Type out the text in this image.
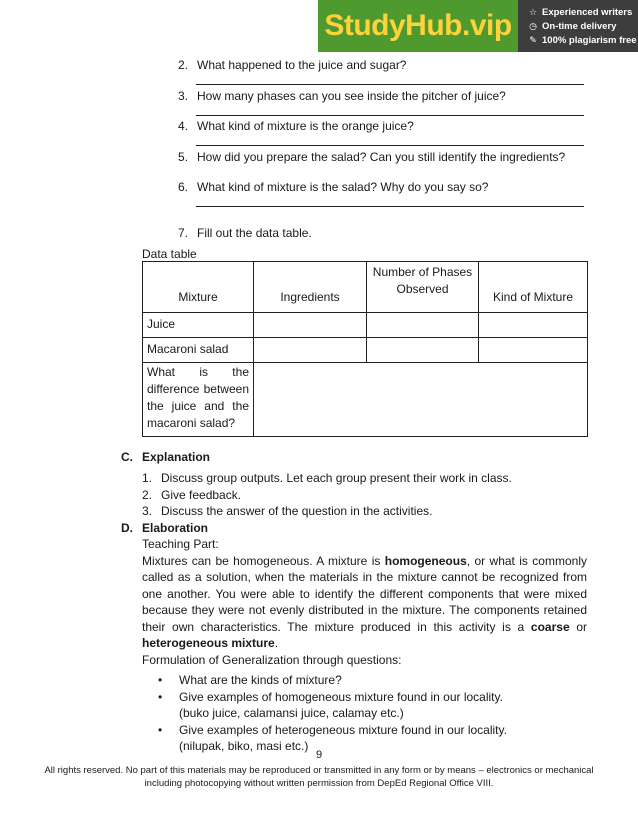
StudyHub.vip	☆ Experienced writers
◷ On-time delivery
✎ 100% plagiarism free
2. What happened to the juice and sugar?
3. How many phases can you see inside the pitcher of juice?
4. What kind of mixture is the orange juice?
5. How did you prepare the salad? Can you still identify the ingredients?
6. What kind of mixture is the salad? Why do you say so?
7. Fill out the data table.
Data table
Mixture	Ingredients	Number of Phases Observed	Kind of Mixture

Juice			

Macaroni salad			

What is the difference between the juice and the macaroni salad?			
C. Explanation
1. Discuss group outputs. Let each group present their work in class.
2. Give feedback.
3. Discuss the answer of the question in the activities.
D. Elaboration
Teaching Part:
Mixtures can be homogeneous. A mixture is homogeneous, or what is commonly called as a solution, when the materials in the mixture cannot be recognized from one another. You were able to identify the different components that were mixed because they were not evenly distributed in the mixture. The components retained their own characteristics. The mixture produced in this activity is a coarse or heterogeneous mixture.
Formulation of Generalization through questions:
• What are the kinds of mixture?
• Give examples of homogeneous mixture found in our locality.
(buko juice, calamansi juice, calamay etc.)
• Give examples of heterogeneous mixture found in our locality.
(nilupak, biko, masi etc.)
9
All rights reserved. No part of this materials may be reproduced or transmitted in any form or by means – electronics or mechanical including photocopying without written permission from DepEd Regional Office VIII.
